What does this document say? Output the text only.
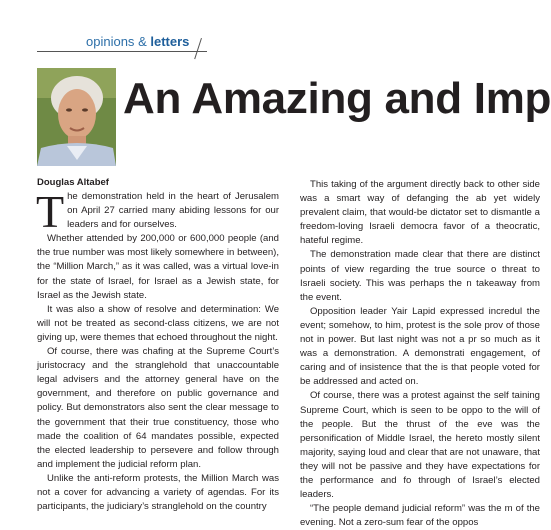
opinions & letters
An Amazing and Imp
Douglas Altabef

The demonstration held in the heart of Jerusalem on April 27 carried many abiding lessons for our leaders and for ourselves.

Whether attended by 200,000 or 600,000 people (and the true number was most likely somewhere in between), the “Million March,” as it was called, was a virtual love-in for the state of Israel, for Israel as a Jewish state, for Israel as the Jewish state.

It was also a show of resolve and determination: We will not be treated as second-class citizens, we are not giving up, were themes that echoed throughout the night.

Of course, there was chafing at the Supreme Court’s juristocracy and the stranglehold that unaccountable legal advisers and the attorney general have on the government, and therefore on public governance and policy. But demonstrators also sent the clear message to the government that their true constituency, those who made the coalition of 64 mandates possible, expected the elected leadership to persevere and follow through and implement the judicial reform plan.

Unlike the anti-reform protests, the Million March was not a cover for advancing a variety of agendas. For its participants, the judiciary’s stranglehold on the country

This taking of the argument directly back to other side was a smart way of defanging the ab yet widely prevalent claim, that would-be dictator set to dismantle a freedom-loving Israeli democra favor of a theocratic, hateful regime.

The demonstration made clear that there are distinct points of view regarding the true source o threat to Israeli society. This was perhaps the n takeaway from the event.

Opposition leader Yair Lapid expressed incredul the event; somehow, to him, protest is the sole prov of those not in power. But last night was not a pr so much as it was a demonstration. A demonstrati engagement, of caring and of insistence that the is that people voted for be addressed and acted on.

Of course, there was a protest against the self taining Supreme Court, which is seen to be oppo to the will of the people. But the thrust of the eve was the personification of Middle Israel, the hereto mostly silent majority, saying loud and clear that are not unaware, that they will not be passive and they have expectations for the performance and fo through of Israel’s elected leaders.

“The people demand judicial reform” was the m of the evening. Not a zero-sum fear of the oppos
